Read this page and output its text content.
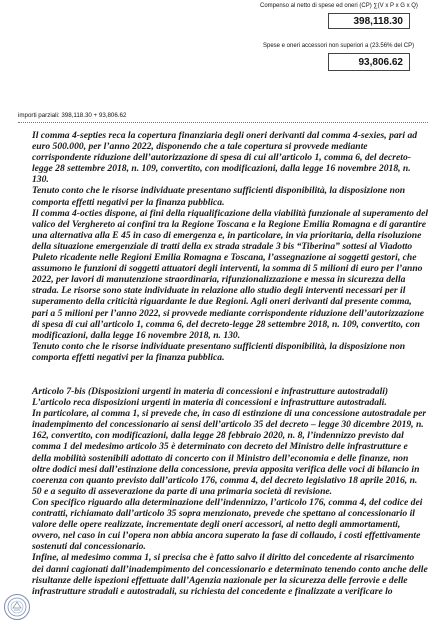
Compenso al netto di spese ed oneri (CP) ∑(V x P x G x Q)
398,118.30
Spese e oneri accessori non superiori a (23.56% del CP)
93,806.62
importi parziali: 398,118.30 + 93,806.62

Il comma 4-septies reca la copertura finanziaria degli oneri derivanti dal comma 4-sexies, pari ad euro 500.000, per l’anno 2022, disponendo che a tale copertura si provvede mediante corrispondente riduzione dell’autorizzazione di spesa di cui all’articolo 1, comma 6, del decreto-legge 28 settembre 2018, n. 109, convertito, con modificazioni, dalla legge 16 novembre 2018, n. 130.

Tenuto conto che le risorse individuate presentano sufficienti disponibilità, la disposizione non comporta effetti negativi per la finanza pubblica.

Il comma 4-octies dispone, ai fini della riqualificazione della viabilità funzionale al superamento del valico del Verghereto ai confini tra la Regione Toscana e la Regione Emilia Romagna e di garantire una alternativa alla E 45 in caso di emergenza e, in particolare, in via prioritaria, della risoluzione della situazione emergenziale di tratti della ex strada stradale 3 bis “Tiberina” sottesi al Viadotto Puleto ricadente nelle Regioni Emilia Romagna e Toscana, l’assegnazione ai soggetti gestori, che assumono le funzioni di soggetti attuatori degli interventi, la somma di 5 milioni di euro per l’anno 2022, per lavori di manutenzione straordinaria, rifunzionalizzazione e messa in sicurezza della strada. Le risorse sono state individuate in relazione allo studio degli interventi necessari per il superamento della criticità riguardante le due Regioni. Agli oneri derivanti dal presente comma, pari a 5 milioni per l’anno 2022, si provvede mediante corrispondente riduzione dell’autorizzazione di spesa di cui all’articolo 1, comma 6, del decreto-legge 28 settembre 2018, n. 109, convertito, con modificazioni, dalla legge 16 novembre 2018, n. 130.

Tenuto conto che le risorse individuate presentano sufficienti disponibilità, la disposizione non comporta effetti negativi per la finanza pubblica.

Articolo 7-bis (Disposizioni urgenti in materia di concessioni e infrastrutture autostradali)

L’articolo reca disposizioni urgenti in materia di concessioni e infrastrutture autostradali.

In particolare, al comma 1, si prevede che, in caso di estinzione di una concessione autostradale per inadempimento del concessionario ai sensi dell’articolo 35 del decreto – legge 30 dicembre 2019, n. 162, convertito, con modificazioni, dalla legge 28 febbraio 2020, n. 8, l’indennizzo previsto dal comma 1 del medesimo articolo 35 è determinato con decreto del Ministro delle infrastrutture e della mobilità sostenibili adottato di concerto con il Ministro dell’economia e delle finanze, non oltre dodici mesi dall’estinzione della concessione, previa apposita verifica delle voci di bilancio in coerenza con quanto previsto dall’articolo 176, comma 4, del decreto legislativo 18 aprile 2016, n. 50 e a seguito di asseverazione da parte di una primaria società di revisione.

Con specifico riguardo alla determinazione dell’indennizzo, l’articolo 176, comma 4, del codice dei contratti, richiamato dall’articolo 35 sopra menzionato, prevede che spettano al concessionario il valore delle opere realizzate, incrementate degli oneri accessori, al netto degli ammortamenti, ovvero, nel caso in cui l’opera non abbia ancora superato la fase di collaudo, i costi effettivamente sostenuti dal concessionario.

Infine, al medesimo comma 1, si precisa che è fatto salvo il diritto del concedente al risarcimento dei danni cagionati dall’inadempimento del concessionario e determinato tenendo conto anche delle risultanze delle ispezioni effettuate dall’Agenzia nazionale per la sicurezza delle ferrovie e delle infrastrutture stradali e autostradali, su richiesta del concedente e finalizzate a verificare lo
